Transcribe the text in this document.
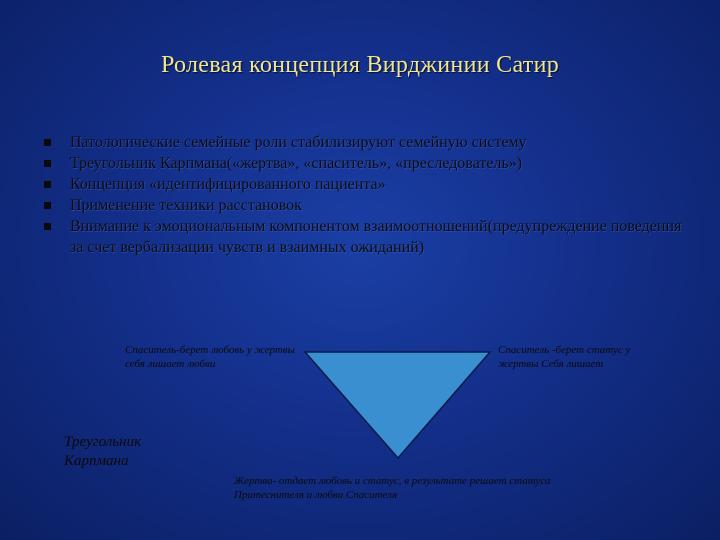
Ролевая концепция Вирджинии Сатир
Патологические семейные роли стабилизируют семейную систему
Треугольник Карпмана(«жертва», «спаситель», «преследователь»)
Концепция «идентифицированного пациента»
Применение техники расстановок
Внимание к эмоциональным компонентом взаимоотношений(предупреждение поведения за счет вербализации чувств и взаимных ожиданий)
Спаситель-берет любовь у жертвы себя лишает любви
Спаситель -берет статус у жертвы Себя лишает
Треугольник Карпмана
Жертва- отдает любовь и статус, в результате решает статуса Притеснителя и любви Спасителя
